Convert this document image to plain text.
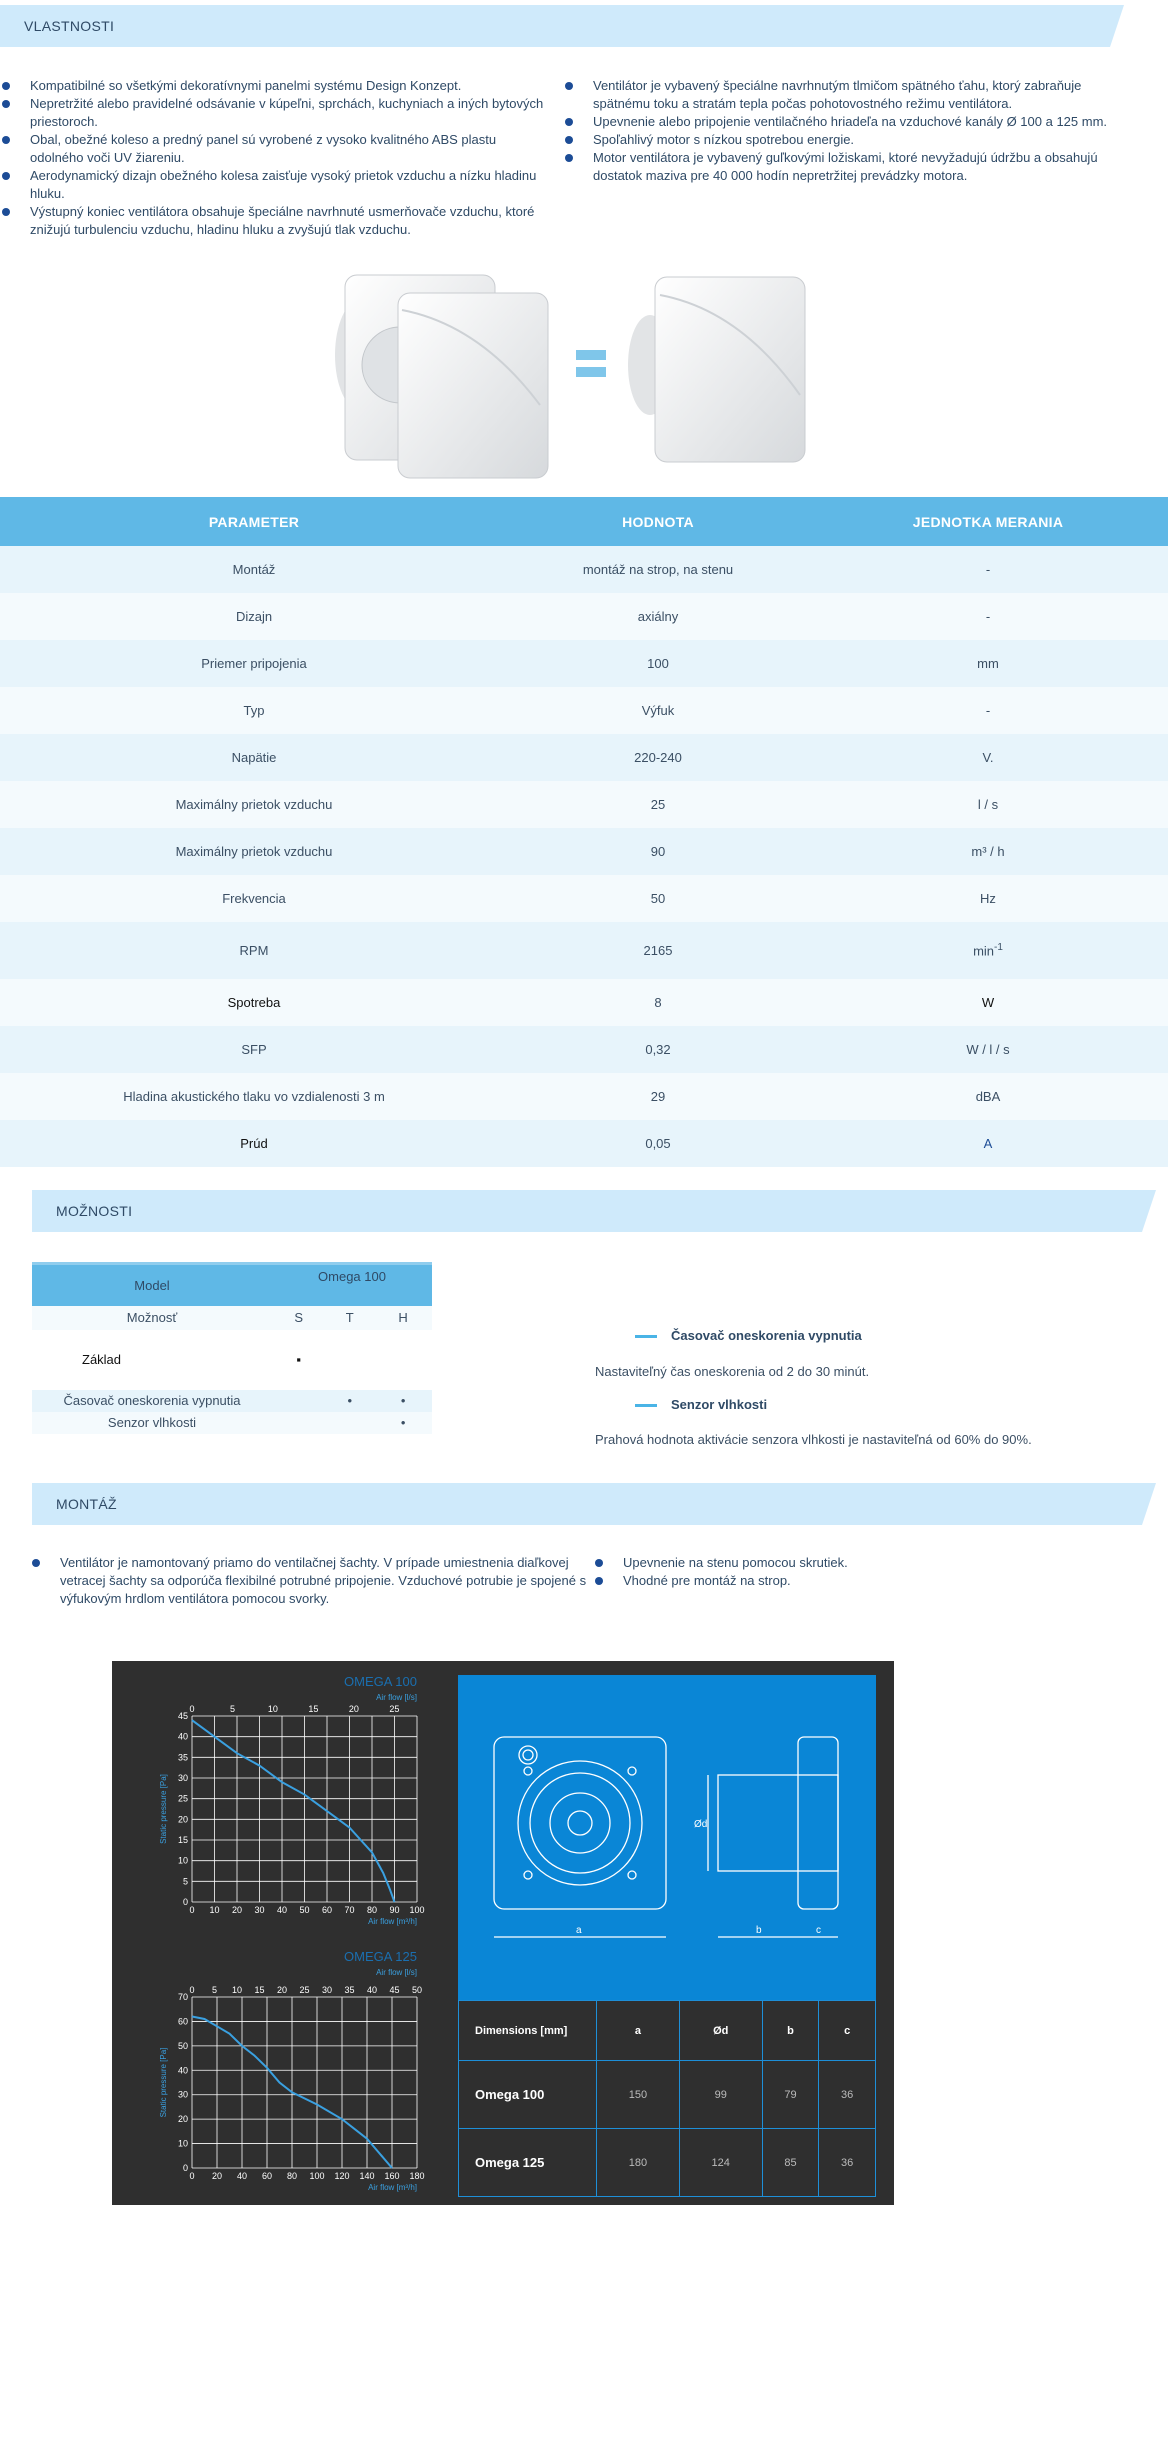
VLASTNOSTI
Kompatibilné so všetkými dekoratívnymi panelmi systému Design Konzept.
Nepretržité alebo pravidelné odsávanie v kúpeľni, sprchách, kuchyniach a iných bytových priestoroch.
Obal, obežné koleso a predný panel sú vyrobené z vysoko kvalitného ABS plastu odolného voči UV žiareniu.
Aerodynamický dizajn obežného kolesa zaisťuje vysoký prietok vzduchu a nízku hladinu hluku.
Výstupný koniec ventilátora obsahuje špeciálne navrhnuté usmerňovače vzduchu, ktoré znižujú turbulenciu vzduchu, hladinu hluku a zvyšujú tlak vzduchu.
Ventilátor je vybavený špeciálne navrhnutým tlmičom spätného ťahu, ktorý zabraňuje spätnému toku a stratám tepla počas pohotovostného režimu ventilátora.
Upevnenie alebo pripojenie ventilačného hriadeľa na vzduchové kanály Ø 100 a 125 mm.
Spoľahlivý motor s nízkou spotrebou energie.
Motor ventilátora je vybavený guľkovými ložiskami, ktoré nevyžadujú údržbu a obsahujú dostatok maziva pre 40 000 hodín nepretržitej prevádzky motora.
PARAMETER	HODNOTA	JEDNOTKA MERANIA
Montáž	montáž na strop, na stenu	-
Dizajn	axiálny	-
Priemer pripojenia	100	mm
Typ	Výfuk	-
Napätie	220-240	V.
Maximálny prietok vzduchu	25	l / s
Maximálny prietok vzduchu	90	m³ / h
Frekvencia	50	Hz
RPM	2165	$\min^{-1}$
Spotreba	8	W
SFP	0,32	W / l / s
Hladina akustického tlaku vo vzdialenosti 3 m	29	dBA
Prúd	0,05	A
MOŽNOSTI
Model	Omega 100		
Možnosť	S	T	H
Základ	▪		
Časovač oneskorenia vypnutia		•	•
Senzor vlhkosti			•
Časovač oneskorenia vypnutia
Nastaviteľný čas oneskorenia od 2 do 30 minút.
Senzor vlhkosti
Prahová hodnota aktivácie senzora vlhkosti je nastaviteľná od 60% do 90%.
MONTÁŽ
Ventilátor je namontovaný priamo do ventilačnej šachty. V prípade umiestnenia diaľkovej vetracej šachty sa odporúča flexibilné potrubné pripojenie. Vzduchové potrubie je spojené s výfukovým hrdlom ventilátora pomocou svorky.
Upevnenie na stenu pomocou skrutiek.
Vhodné pre montáž na strop.
OMEGA 100
Air flow [l/s]
0 10 20 30 40 50 60 70 80 90 100
0
5
10
15
20
25
30
35
40
45
0	5	10	15	20	25
Air flow [m³/h]
Static pressure [Pa]
OMEGA 125
Air flow [l/s]
0 20 40 60 80 100 120 140 160 180
0
10
20
30
40
50
60
70
0 5 10 15 20 25 30 35 40 45 50
Air flow [m³/h]
Static pressure [Pa]
a
Ød
b	c
Dimensions [mm]	a	Ød	b	c
Omega 100	150	99	79	36
Omega 125	180	124	85	36
